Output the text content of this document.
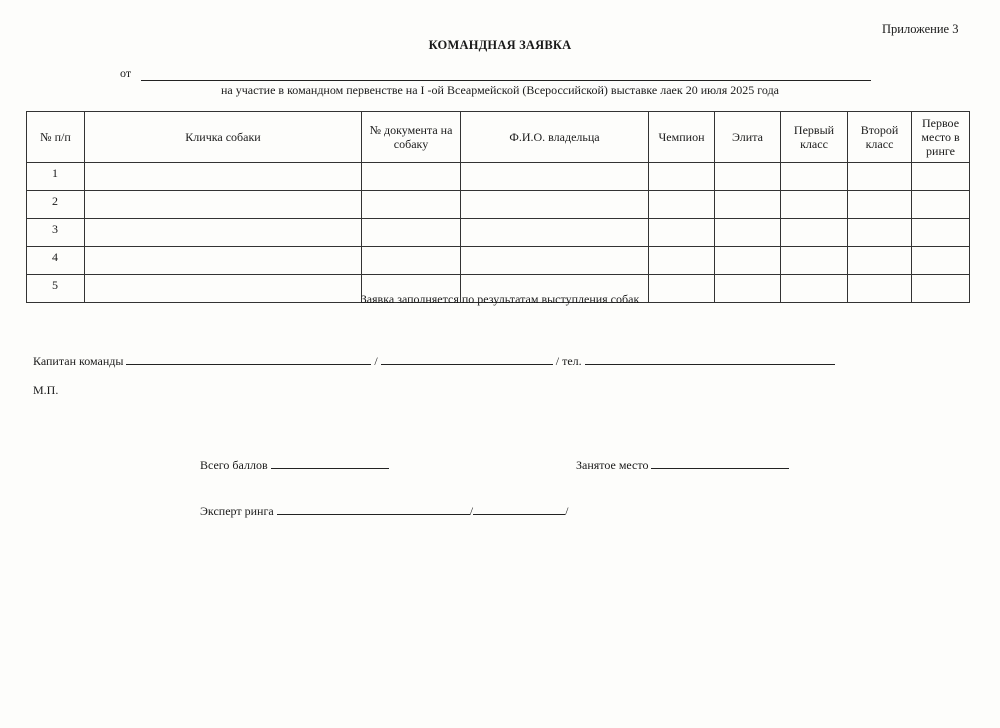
Приложение 3
КОМАНДНАЯ ЗАЯВКА
от
на участие в командном первенстве на I -ой Всеармейской (Всероссийской) выставке лаек 20 июля 2025 года
№ п/п	Кличка собаки	№ документа на собаку	Ф.И.О. владельца	Чемпион	Элита	Первый класс	Второй класс	Первое место в ринге
1								
2								
3								
4								
5								
Заявка заполняется по результатам выступления собак
Капитан команды	/	/ тел.
М.П.
Всего баллов	Занятое место
Эксперт ринга	/	/
